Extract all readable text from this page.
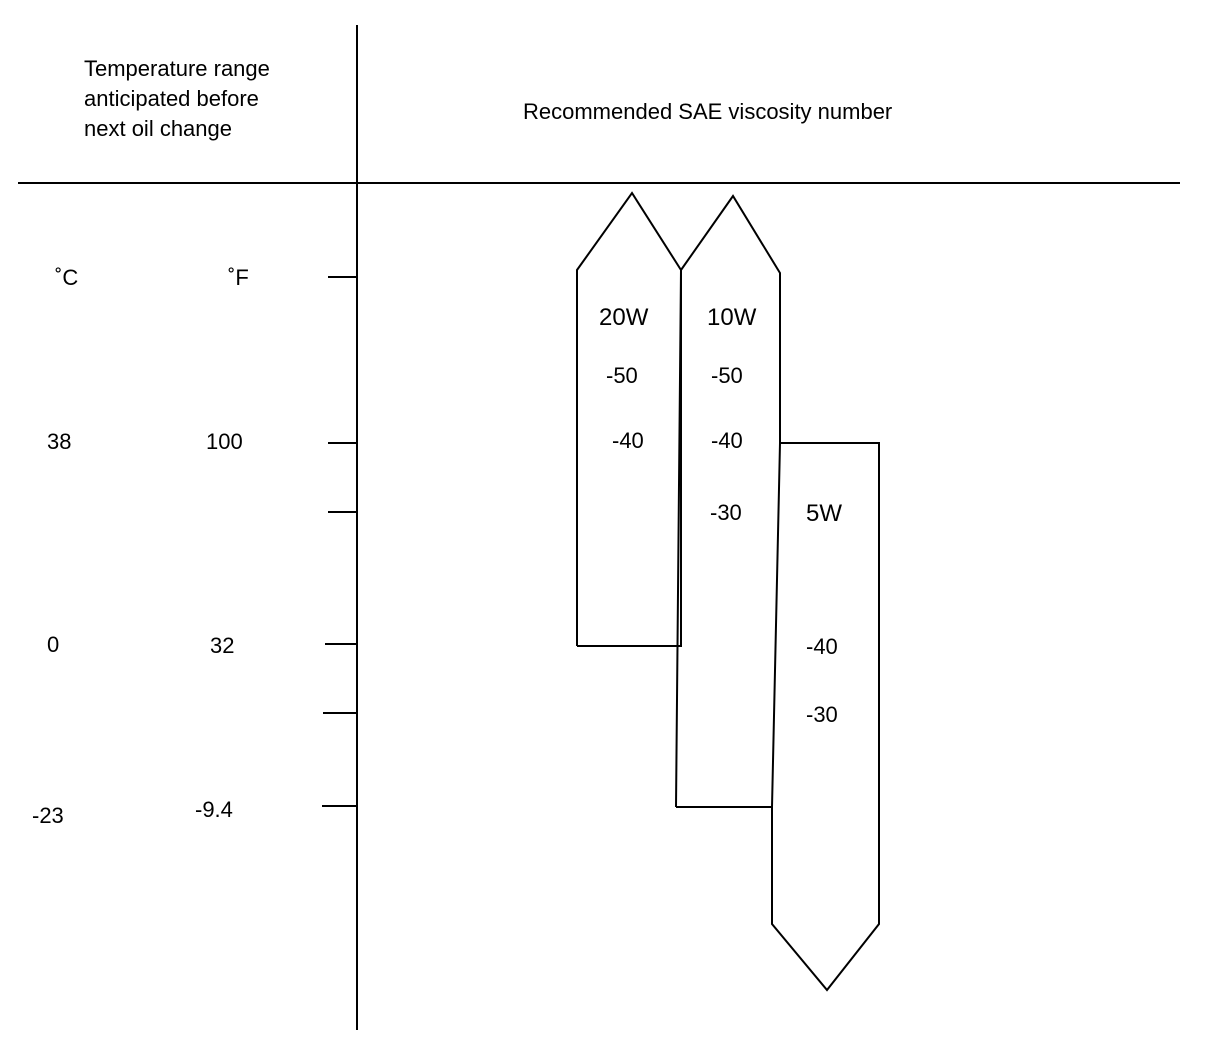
Temperature range
anticipated before
next oil change
Recommended SAE viscosity number
˚C	˚F
38	100
0	32
-23	-9.4
20W
-50
-40
10W
-50
-40
-30	5W
-40
-30
